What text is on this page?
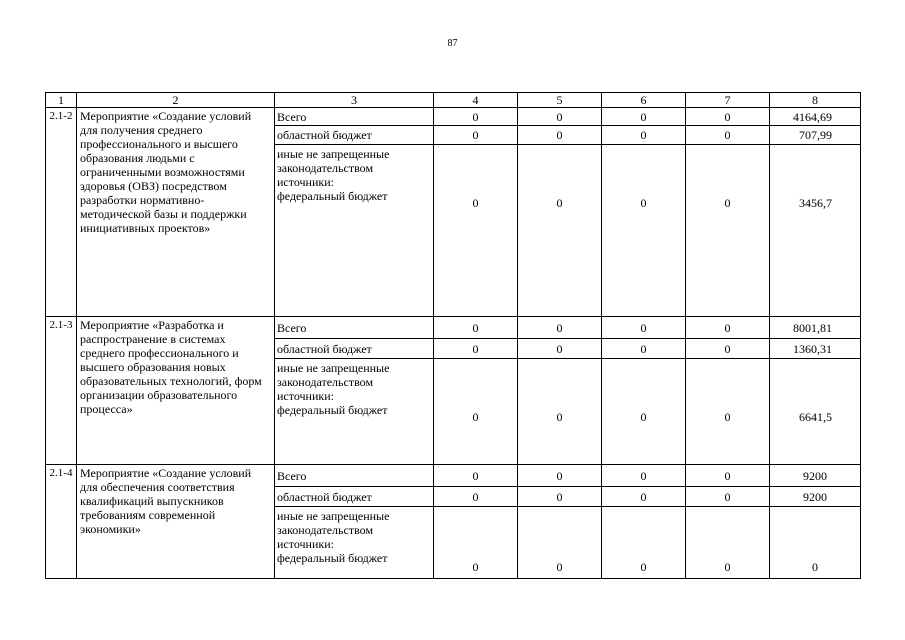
87
1	2	3	4	5	6	7	8
2.1-2	Мероприятие «Создание условий для получения среднего профессионального и высшего образования людьми с ограниченными возможностями здоровья (ОВЗ) посредством разработки нормативно-методической базы и поддержки инициативных проектов»	Всего	0	0	0	0	4164,69
		областной бюджет	0	0	0	0	707,99

		иные не запрещенные
законодательством
источники:
федеральный бюджет	0	0	0	0	3456,7
2.1-3	Мероприятие «Разработка и распространение в системах среднего профессионального и высшего образования новых образовательных технологий, форм организации образовательного процесса»	Всего	0	0	0	0	8001,81
		областной бюджет	0	0	0	0	1360,31

		иные не запрещенные
законодательством
источники:
федеральный бюджет	0	0	0	0	6641,5
2.1-4	Мероприятие «Создание условий для обеспечения соответствия квалификаций выпускников требованиям современной экономики»	Всего	0	0	0	0	9200
		областной бюджет	0	0	0	0	9200

		иные не запрещенные
законодательством
источники:
федеральный бюджет	0	0	0	0	0
